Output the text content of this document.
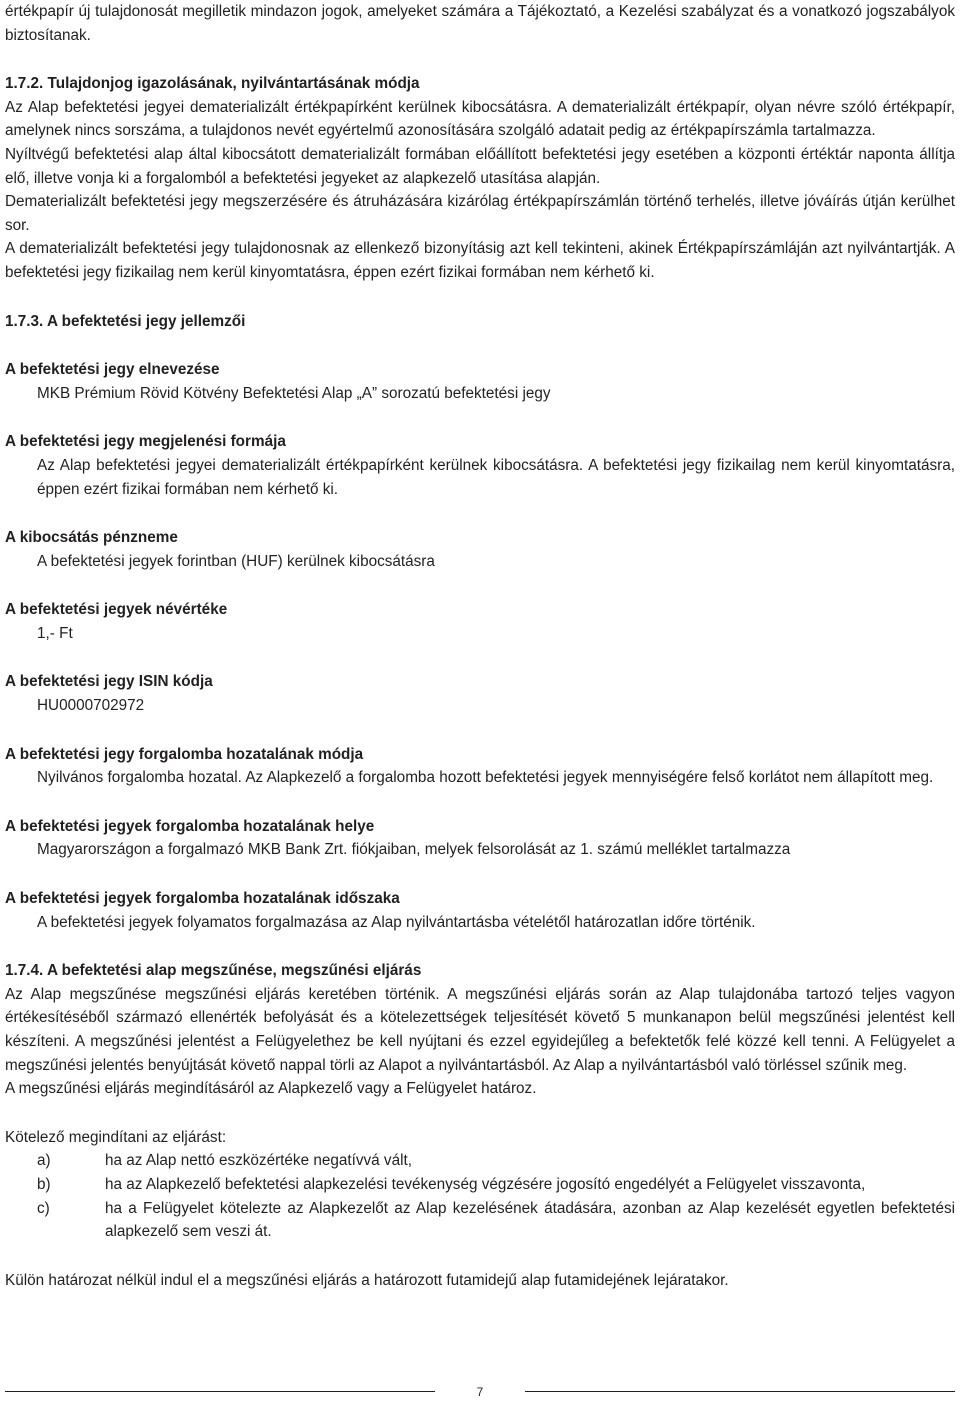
értékpapír új tulajdonosát megilletik mindazon jogok, amelyeket számára a Tájékoztató, a Kezelési szabályzat és a vonatkozó jogszabályok biztosítanak.

1.7.2. Tulajdonjog igazolásának, nyilvántartásának módja

Az Alap befektetési jegyei dematerializált értékpapírként kerülnek kibocsátásra. A dematerializált értékpapír, olyan névre szóló értékpapír, amelynek nincs sorszáma, a tulajdonos nevét egyértelmű azonosítására szolgáló adatait pedig az értékpapírszámla tartalmazza.

Nyíltvégű befektetési alap által kibocsátott dematerializált formában előállított befektetési jegy esetében a központi értéktár naponta állítja elő, illetve vonja ki a forgalomból a befektetési jegyeket az alapkezelő utasítása alapján.

Dematerializált befektetési jegy megszerzésére és átruházására kizárólag értékpapírszámlán történő terhelés, illetve jóváírás útján kerülhet sor.

A dematerializált befektetési jegy tulajdonosnak az ellenkező bizonyításig azt kell tekinteni, akinek Értékpapírszámláján azt nyilvántartják. A befektetési jegy fizikailag nem kerül kinyomtatásra, éppen ezért fizikai formában nem kérhető ki.

1.7.3. A befektetési jegy jellemzői

A befektetési jegy elnevezése

MKB Prémium Rövid Kötvény Befektetési Alap „A” sorozatú befektetési jegy

A befektetési jegy megjelenési formája

Az Alap befektetési jegyei dematerializált értékpapírként kerülnek kibocsátásra. A befektetési jegy fizikailag nem kerül kinyomtatásra, éppen ezért fizikai formában nem kérhető ki.

A kibocsátás pénzneme

A befektetési jegyek forintban (HUF) kerülnek kibocsátásra

A befektetési jegyek névértéke

1,- Ft

A befektetési jegy ISIN kódja

HU0000702972

A befektetési jegy forgalomba hozatalának módja

Nyilvános forgalomba hozatal. Az Alapkezelő a forgalomba hozott befektetési jegyek mennyiségére felső korlátot nem állapított meg.

A befektetési jegyek forgalomba hozatalának helye

Magyarországon a forgalmazó MKB Bank Zrt. fiókjaiban, melyek felsorolását az 1. számú melléklet tartalmazza

A befektetési jegyek forgalomba hozatalának időszaka

A befektetési jegyek folyamatos forgalmazása az Alap nyilvántartásba vételétől határozatlan időre történik.

1.7.4. A befektetési alap megszűnése, megszűnési eljárás

Az Alap megszűnése megszűnési eljárás keretében történik. A megszűnési eljárás során az Alap tulajdonába tartozó teljes vagyon értékesítéséből származó ellenérték befolyását és a kötelezettségek teljesítését követő 5 munkanapon belül megszűnési jelentést kell készíteni. A megszűnési jelentést a Felügyelethez be kell nyújtani és ezzel egyidejűleg a befektetők felé közzé kell tenni. A Felügyelet a megszűnési jelentés benyújtását követő nappal törli az Alapot a nyilvántartásból. Az Alap a nyilvántartásból való törléssel szűnik meg.

A megszűnési eljárás megindításáról az Alapkezelő vagy a Felügyelet határoz.

Kötelező megindítani az eljárást:

a)	ha az Alap nettó eszközértéke negatívvá vált,
b)	ha az Alapkezelő befektetési alapkezelési tevékenység végzésére jogosító engedélyét a Felügyelet visszavonta,
c)	ha a Felügyelet kötelezte az Alapkezelőt az Alap kezelésének átadására, azonban az Alap kezelését egyetlen befektetési alapkezelő sem veszi át.

Külön határozat nélkül indul el a megszűnési eljárás a határozott futamidejű alap futamidejének lejáratakor.

7
